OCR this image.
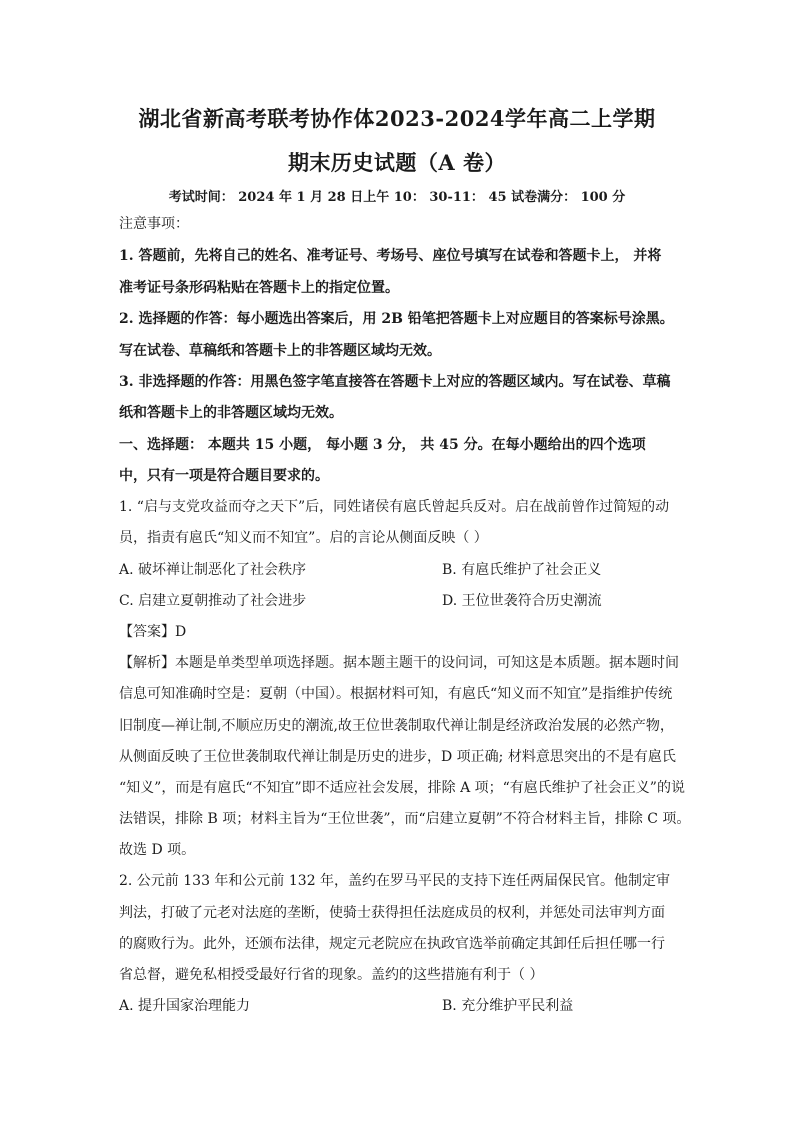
湖北省新高考联考协作体2023-2024学年高二上学期
期末历史试题（A 卷）
考试时间： 2024 年 1 月 28 日上午 10： 30-11： 45 试卷满分： 100 分
注意事项：
1. 答题前，先将自己的姓名、准考证号、考场号、座位号填写在试卷和答题卡上， 并将
准考证号条形码粘贴在答题卡上的指定位置。
2. 选择题的作答：每小题选出答案后，用 2B 铅笔把答题卡上对应题目的答案标号涂黑。
写在试卷、草稿纸和答题卡上的非答题区域均无效。
3. 非选择题的作答：用黑色签字笔直接答在答题卡上对应的答题区域内。写在试卷、草稿
纸和答题卡上的非答题区域均无效。
一、选择题： 本题共 15 小题， 每小题 3 分， 共 45 分。在每小题给出的四个选项
中，只有一项是符合题目要求的。
1. “启与支党攻益而夺之天下”后，同姓诸侯有扈氏曾起兵反对。启在战前曾作过简短的动
员，指责有扈氏“知义而不知宜”。启的言论从侧面反映（ ）
A. 破坏禅让制恶化了社会秩序	B. 有扈氏维护了社会正义
C. 启建立夏朝推动了社会进步	D. 王位世袭符合历史潮流
【答案】D
【解析】本题是单类型单项选择题。据本题主题干的设问词，可知这是本质题。据本题时间
信息可知准确时空是：夏朝（中国）。根据材料可知，有扈氏“知义而不知宜”是指维护传统
旧制度—禅让制,不顺应历史的潮流,故王位世袭制取代禅让制是经济政治发展的必然产物，
从侧面反映了王位世袭制取代禅让制是历史的进步，D 项正确; 材料意思突出的不是有扈氏
“知义”，而是有扈氏“不知宜”即不适应社会发展，排除 A 项；“有扈氏维护了社会正义”的说
法错误，排除 B 项；材料主旨为“王位世袭”，而“启建立夏朝”不符合材料主旨，排除 C 项。
故选 D 项。
2. 公元前 133 年和公元前 132 年，盖约在罗马平民的支持下连任两届保民官。他制定审
判法，打破了元老对法庭的垄断，使骑士获得担任法庭成员的权利，并惩处司法审判方面
的腐败行为。此外，还颁布法律，规定元老院应在执政官选举前确定其卸任后担任哪一行
省总督，避免私相授受最好行省的现象。盖约的这些措施有利于（ ）
A. 提升国家治理能力	B. 充分维护平民利益
